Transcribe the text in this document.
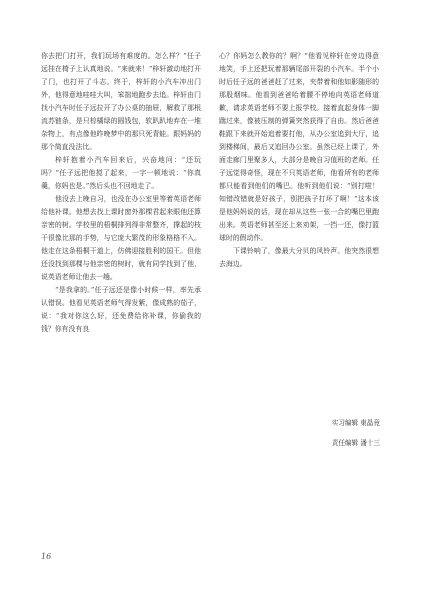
你去把门打开，我们玩场有难度的。怎么样？”任子远挂在椅子上认真地说。“来就来！”梓轩激动地打开了门，也打开了斗志。终于，梓轩的小汽车冲出门外，他得意地哇哇大叫，笨拙地跑步去追。梓轩由门找小汽车时任子远拉开了办公桌的抽屉，解救了那根流苏链条，是只棕橘绿的圆钱包，软趴趴地弃在一堆杂物上，有点像他昨晚梦中的那只死青蛙。跟妈妈的那个简直没法比。

梓轩抱着小汽车回来后，兴奋地问：“还玩吗？”任子远把他搅了起来，一字一顿地说：“你真羹，你妈也是。”然后头也不回地走了。

他没去上晚自习，也没在办公室里等着英语老师给他补课。他想去找上课时窗外那棵君起来眼他还算亲密的树。学校里的梧桐排列得非常整齐，撑起的枝干很像比那的手势，与它庞大繁茂的形象格格不入。他走在这条梧桐干道上，仿佛迎接胜利的国王。但他还没找到那棵与他亲密的树时，就有同学找到了他，说英语老师让他去一趟。

“是我拿的。”任子远还是像小时候一样，率先承认错误。他看见英语老师气得发紫，像成熟的茄子，说：“我对你这么好，还免费给你补课，你偷我的钱？你有没有良

心？你妈怎么教你的？啊？”他看见梓轩在旁边得意地笑，手上还把玩着那辆尾部开裂的小汽车。半个小时后任子远的爸爸赶了过来，夹带着和他如影随形的那股烟味。他看到爸爸哈着腰不停地向英语老师道歉，请求英语老师不要上报学校。接着直起身体一脚踹过来，像被压制的弹簧突然获得了自由。然后爸爸鞋跟下来就开始追着要打他，从办公室追到大厅，追到楼梯间，最后又追回办公室。虽然已经上课了，外面走廊门里聚多人，大部分是晚自习值班的老师。任子远觉得奇怪，现在不只英语老师，他看所有的老师都只能看到他们的嘴巴。他听到他们说：“别打啦！知错改错就是好孩子，别把孩子打坏了啊！”这本该是他妈妈说的话，现在却从这些一张一合的嘴巴里跑出来。英语老师甚至还上来劝架，一挡一还，像打篮球时的假动作。

下课铃响了，像最大分贝的风铃声。他突然很想去海边。

实习编辑 東晶竟
责任编辑 潘十三
16
